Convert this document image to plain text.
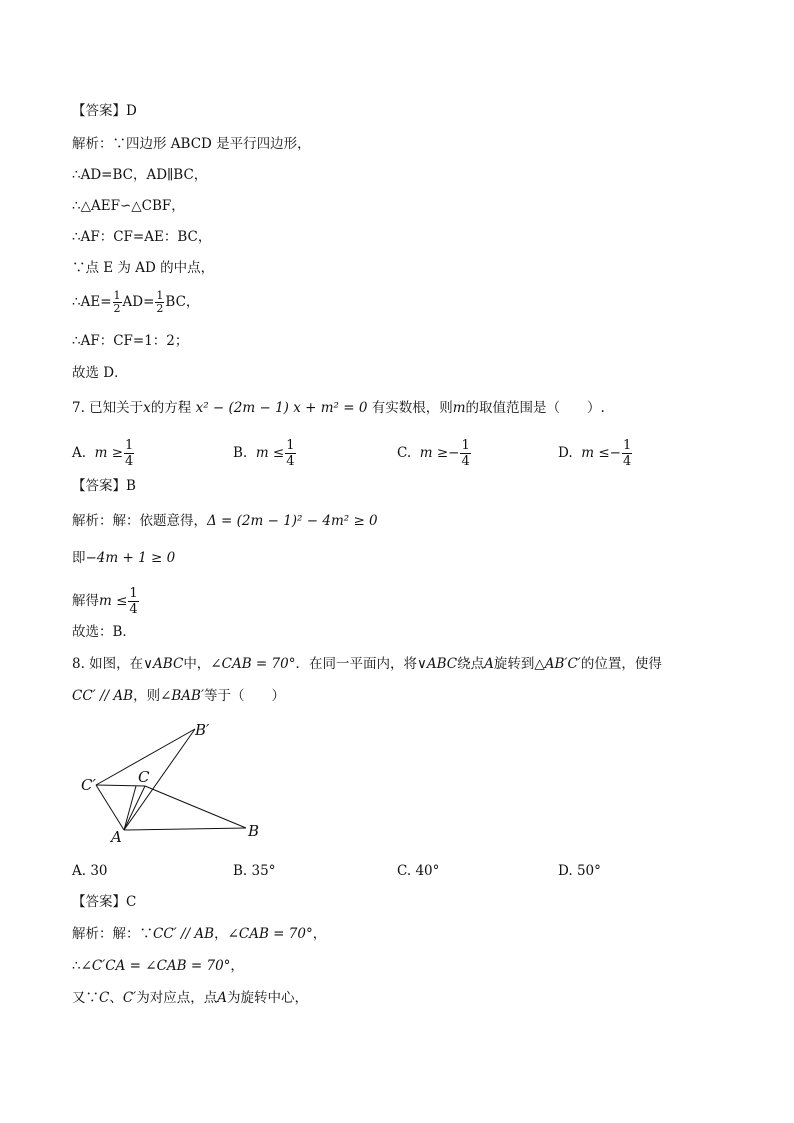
【答案】D
解析：∵四边形 ABCD 是平行四边形，
∴AD=BC，AD∥BC，
∴△AEF∽△CBF，
∴AF：CF=AE：BC，
∵点 E 为 AD 的中点，
∴AE= $\frac{1}{2} AD= \frac{1}{2}$ BC，
∴AF：CF=1：2；
故选 D．
7. 已知关于x的方程 x² − (2m − 1) x + m² = 0 有实数根，则m的取值范围是（　　）.
A. $m \ge \frac{1}{4}$	B. $m \le \frac{1}{4}$	C. $m \ge- \frac{1}{4}$	D. $m \le- \frac{1}{4}$
【答案】B
解析：解：依题意得，Δ = (2m − 1)² − 4m² ≥ 0
即−4m + 1 ≥ 0
解得$m \le \frac{1}{4}$
故选：B．
8. 如图，在∨ABC中，∠CAB = 70°．在同一平面内，将∨ABC绕点A旋转到△AB′C′的位置，使得
CC′ // AB，则∠BAB′等于（　　）
B′
C′	C
A	B
A. 30	B. 35°	C. 40°	D. 50°
【答案】C
解析：解：∵CC′ // AB，∠CAB = 70°，
∴∠C′CA = ∠CAB = 70°，
又∵C、C′为对应点，点A为旋转中心，
